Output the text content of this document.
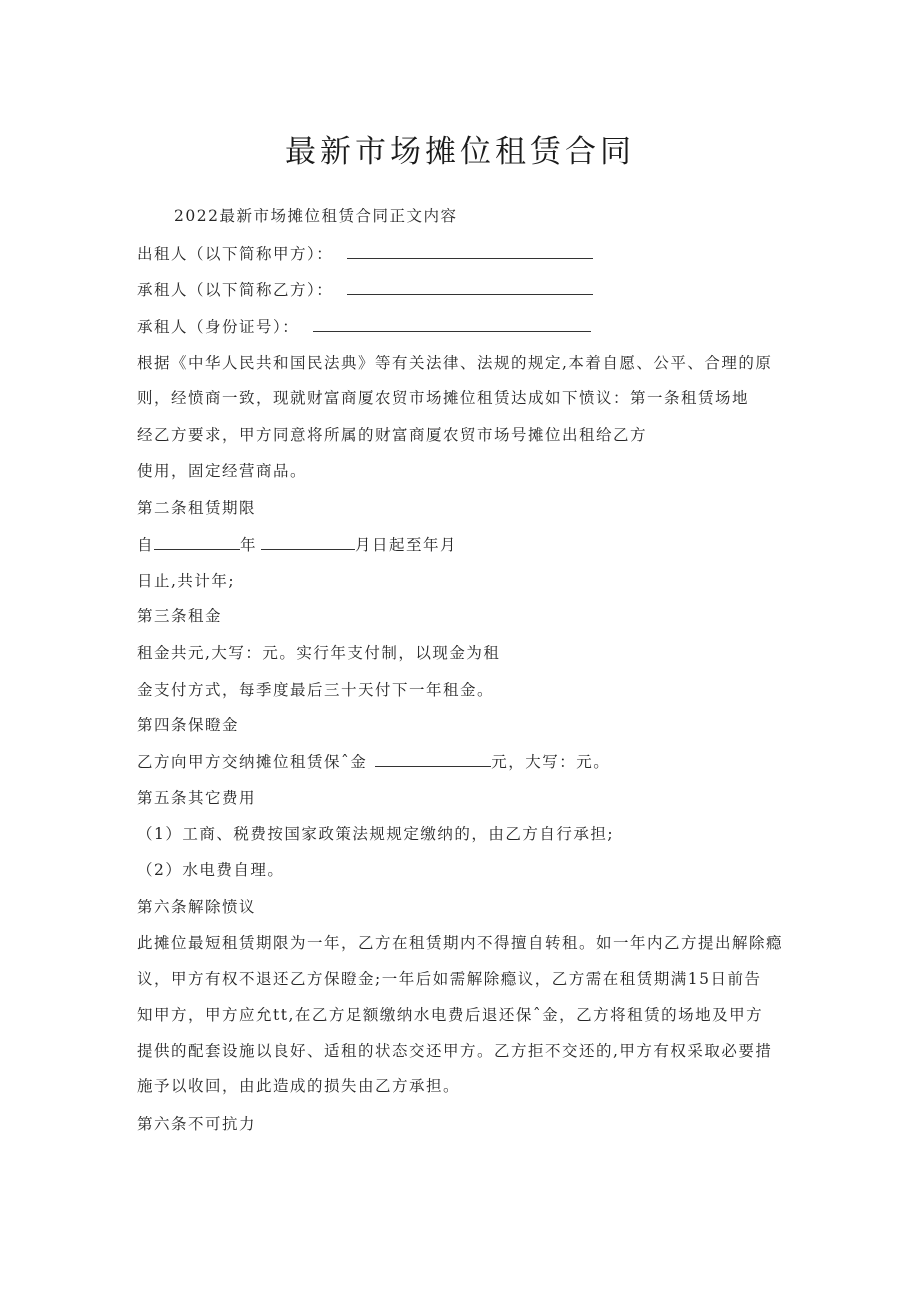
最新市场摊位租赁合同
2022最新市场摊位租赁合同正文内容
出租人（以下简称甲方）：
承租人（以下简称乙方）：
承租人（身份证号）：
根据《中华人民共和国民法典》等有关法律、法规的规定,本着自愿、公平、合理的原
则，经愤商一致，现就财富商厦农贸市场摊位租赁达成如下愤议：第一条租赁场地
经乙方要求，甲方同意将所属的财富商厦农贸市场号摊位出租给乙方
使用，固定经营商品。
第二条租赁期限
自	年	月日起至年月
日止,共计年;
第三条租金
租金共元,大写：元。实行年支付制，以现金为租
金支付方式，每季度最后三十天付下一年租金。
第四条保瞪金
乙方向甲方交纳摊位租赁保ˆ金	元，大写：元。
第五条其它费用
（1）工商、税费按国家政策法规规定缴纳的，由乙方自行承担;
（2）水电费自理。
第六条解除愤议
此摊位最短租赁期限为一年，乙方在租赁期内不得擅自转租。如一年内乙方提出解除瘾
议，甲方有权不退还乙方保瞪金;一年后如需解除瘾议，乙方需在租赁期满15日前告
知甲方，甲方应允tt,在乙方足额缴纳水电费后退还保ˆ金，乙方将租赁的场地及甲方
提供的配套设施以良好、适租的状态交还甲方。乙方拒不交还的,甲方有权采取必要措
施予以收回，由此造成的损失由乙方承担。
第六条不可抗力
